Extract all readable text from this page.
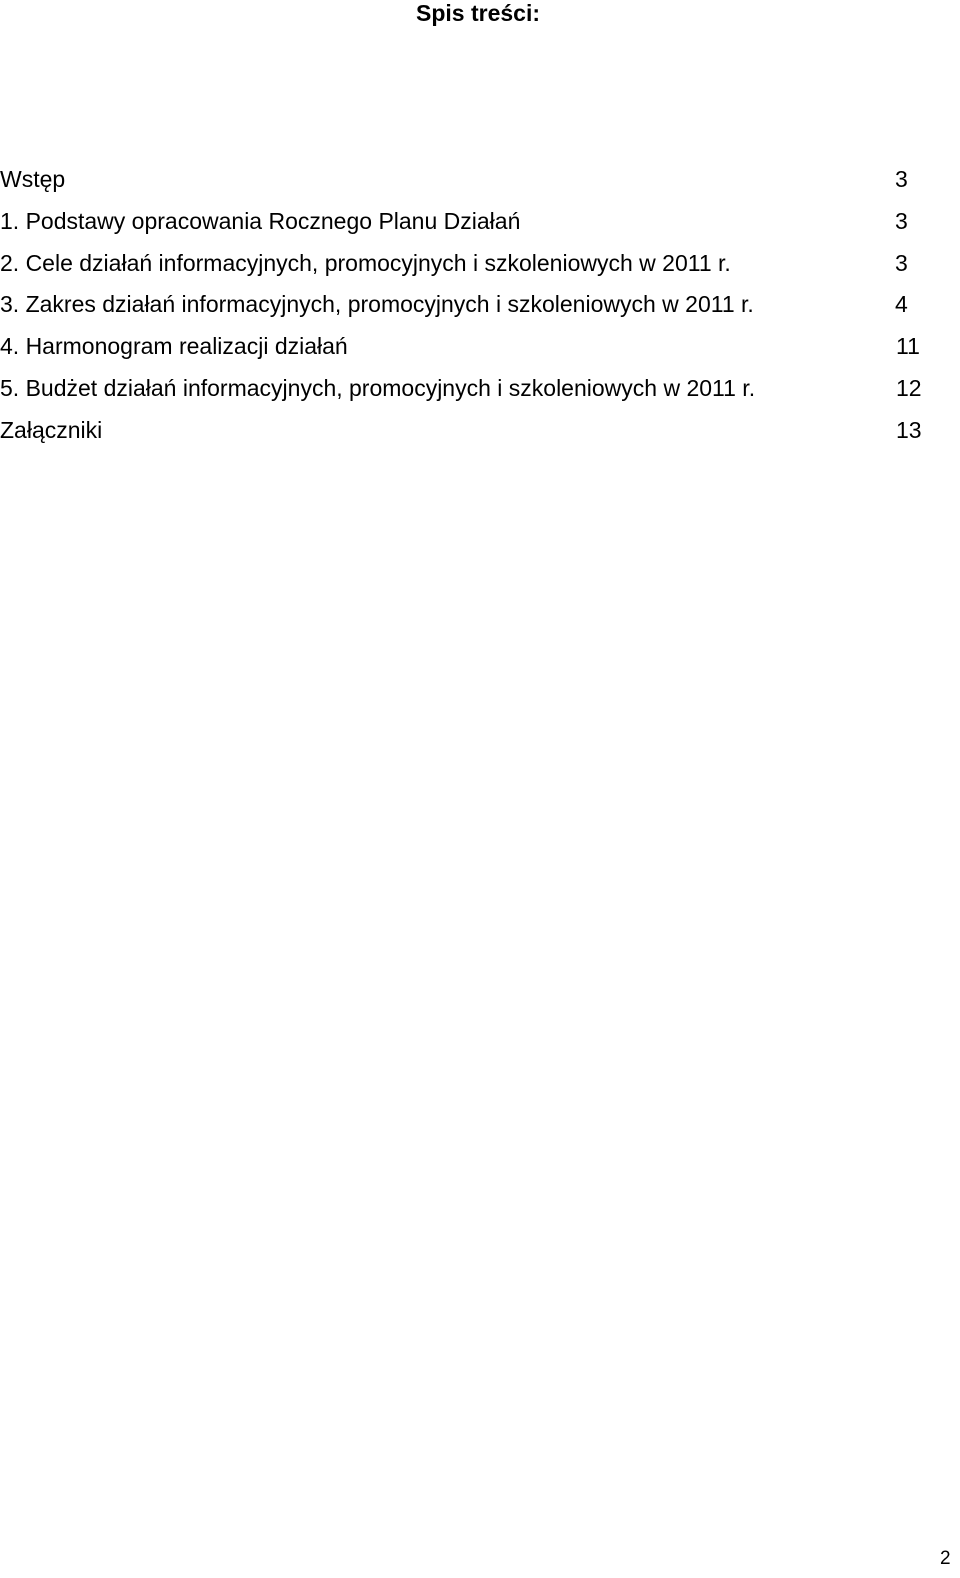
Spis treści:
Wstęp	3
1. Podstawy opracowania Rocznego Planu Działań	3
2. Cele działań informacyjnych, promocyjnych i szkoleniowych w 2011 r.	3
3. Zakres działań informacyjnych, promocyjnych i szkoleniowych w 2011 r.	4
4. Harmonogram realizacji działań	11
5. Budżet działań informacyjnych, promocyjnych i szkoleniowych w 2011 r.	12
Załączniki	13
2
